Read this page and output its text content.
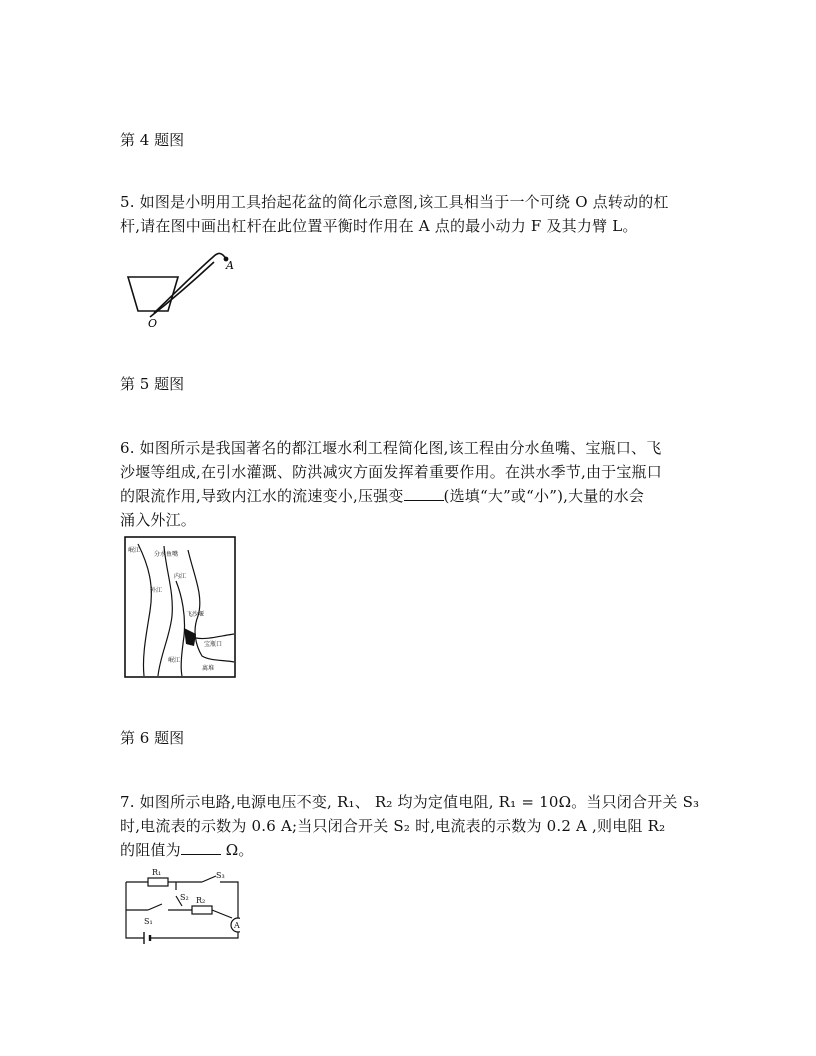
第 4 题图
5. 如图是小明用工具抬起花盆的简化示意图,该工具相当于一个可绕 O 点转动的杠
杆,请在图中画出杠杆在此位置平衡时作用在 A 点的最小动力 F 及其力臂 L。
A
O
第 5 题图
6. 如图所示是我国著名的都江堰水利工程简化图,该工程由分水鱼嘴、宝瓶口、飞
沙堰等组成,在引水灌溉、防洪减灾方面发挥着重要作用。在洪水季节,由于宝瓶口
的限流作用,导致内江水的流速变小,压强变	(选填“大”或“小”),大量的水会
涌入外江。
岷江
分水鱼嘴
内江
外江
飞沙堰
宝瓶口
离堆
岷江
第 6 题图
7. 如图所示电路,电源电压不变, R₁、 R₂ 均为定值电阻, R₁ = 10Ω。当只闭合开关 S₃
时,电流表的示数为 0.6 A;当只闭合开关 S₂ 时,电流表的示数为 0.2 A ,则电阻 R₂
的阻值为	Ω。
R₁
R₂
S₁
S₂
S₃
A
